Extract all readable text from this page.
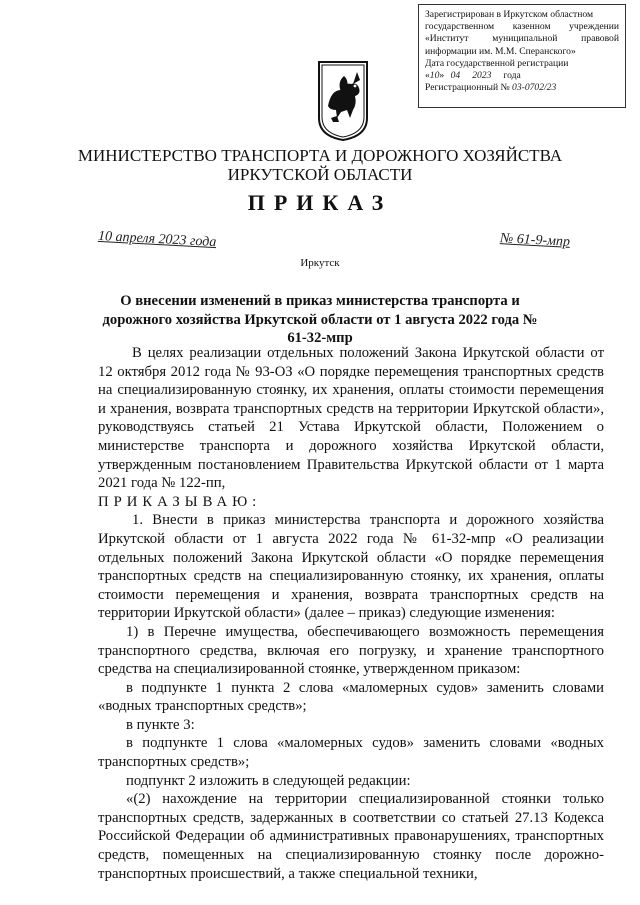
Зарегистрирован в Иркутском областном
государственном казенном учреждении
«Институт муниципальной правовой
информации им. М.М. Сперанского»
Дата государственной регистрации
«10» 04 2023 года
Регистрационный № 03-0702/23
МИНИСТЕРСТВО ТРАНСПОРТА И ДОРОЖНОГО ХОЗЯЙСТВА
ИРКУТСКОЙ ОБЛАСТИ
ПРИКАЗ
10 апреля 2023 года	№ 61-9-мпр
Иркутск
О внесении изменений в приказ министерства транспорта и дорожного хозяйства Иркутской области от 1 августа 2022 года № 61-32-мпр

В целях реализации отдельных положений Закона Иркутской области от 12 октября 2012 года № 93-ОЗ «О порядке перемещения транспортных средств на специализированную стоянку, их хранения, оплаты стоимости перемещения и хранения, возврата транспортных средств на территории Иркутской области», руководствуясь статьей 21 Устава Иркутской области, Положением о министерстве транспорта и дорожного хозяйства Иркутской области, утвержденным постановлением Правительства Иркутской области от 1 марта 2021 года № 122-пп,

ПРИКАЗЫВАЮ:

1. Внести в приказ министерства транспорта и дорожного хозяйства Иркутской области от 1 августа 2022 года № 61-32-мпр «О реализации отдельных положений Закона Иркутской области «О порядке перемещения транспортных средств на специализированную стоянку, их хранения, оплаты стоимости перемещения и хранения, возврата транспортных средств на территории Иркутской области» (далее – приказ) следующие изменения:

1) в Перечне имущества, обеспечивающего возможность перемещения транспортного средства, включая его погрузку, и хранение транспортного средства на специализированной стоянке, утвержденном приказом:

в подпункте 1 пункта 2 слова «маломерных судов» заменить словами «водных транспортных средств»;

в пункте 3:

в подпункте 1 слова «маломерных судов» заменить словами «водных транспортных средств»;

подпункт 2 изложить в следующей редакции:

«(2) нахождение на территории специализированной стоянки только транспортных средств, задержанных в соответствии со статьей 27.13 Кодекса Российской Федерации об административных правонарушениях, транспортных средств, помещенных на специализированную стоянку после дорожно-транспортных происшествий, а также специальной техники,
